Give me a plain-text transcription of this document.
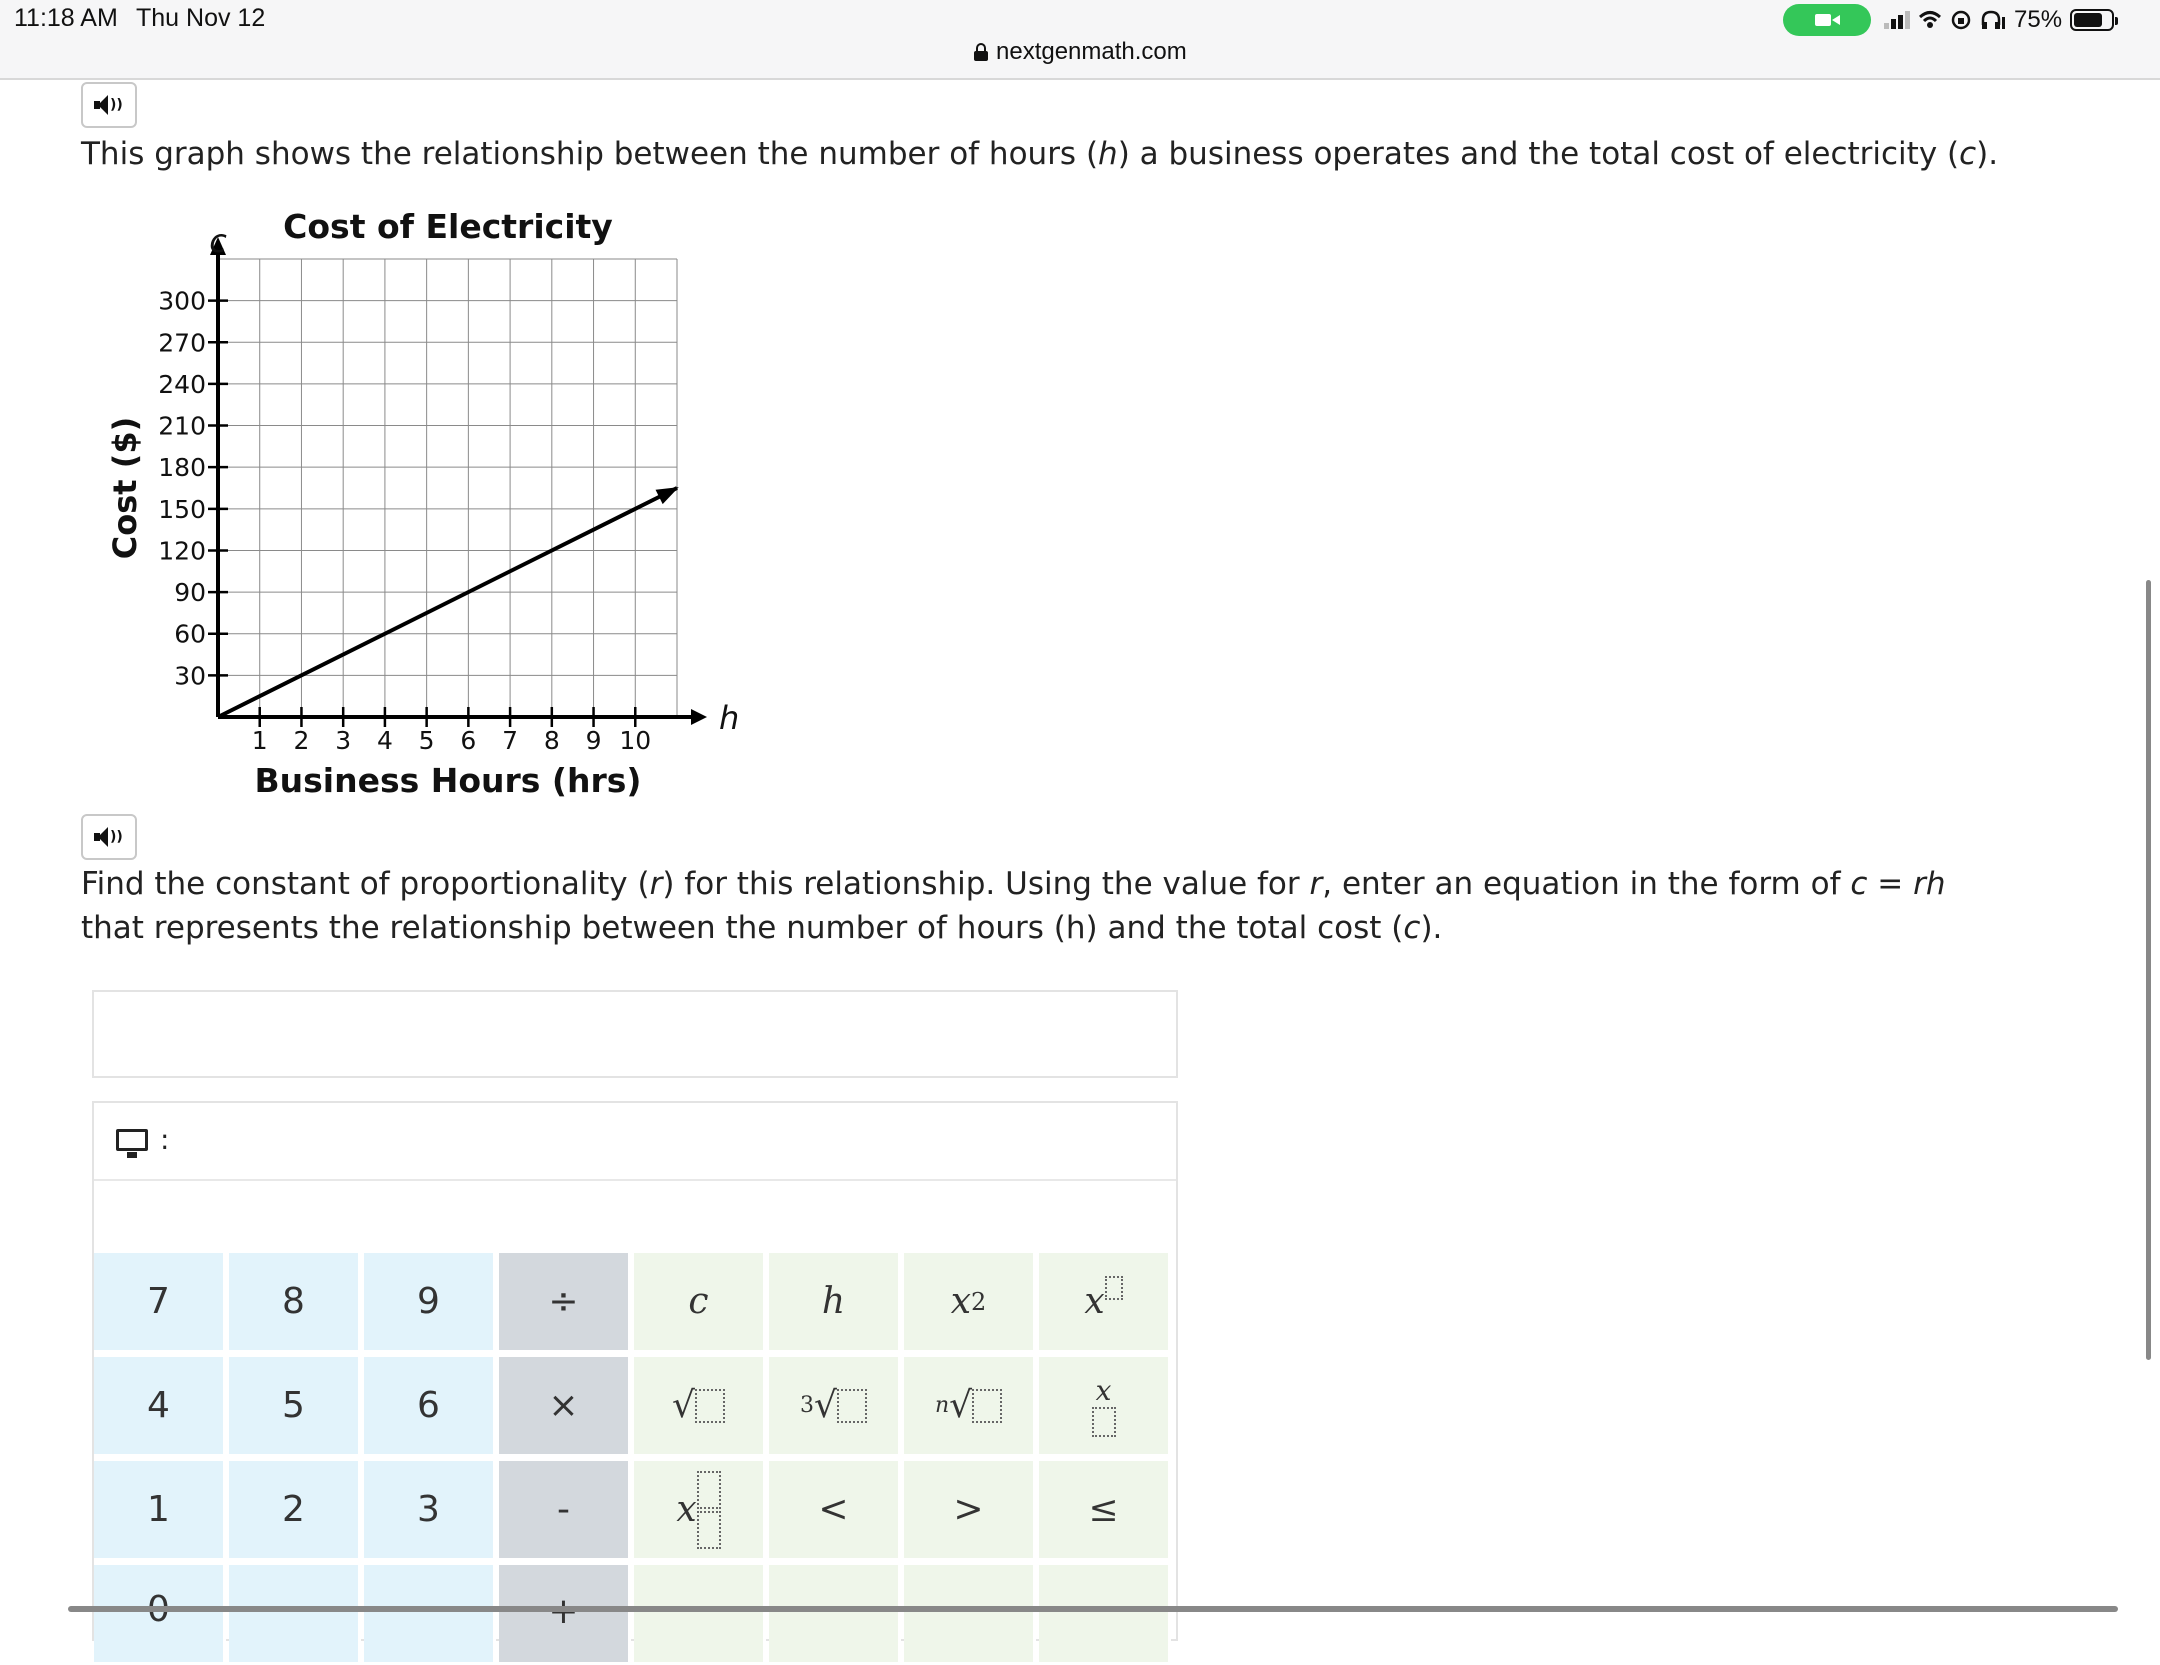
11:18 AM Thu Nov 12
nextgenmath.com
75%
))
This graph shows the relationship between the number of hours (h) a business operates and the total cost of electricity (c).
1 2 3 4 5 6 7 8 9 10
30
60
90
120
150
180
210
240
270
300
Cost of Electricity
Business Hours (hrs)
Cost ($)
h
c
))
Find the constant of proportionality (r) for this relationship. Using the value for r, enter an equation in the form of c = rh
that represents the relationship between the number of hours (h) and the total cost (c).
:
7	8	9	÷
4	5	6	×
1	2	3	-
c	h	x 2	x
√	3 √	n √	x
x	<	>	≤
